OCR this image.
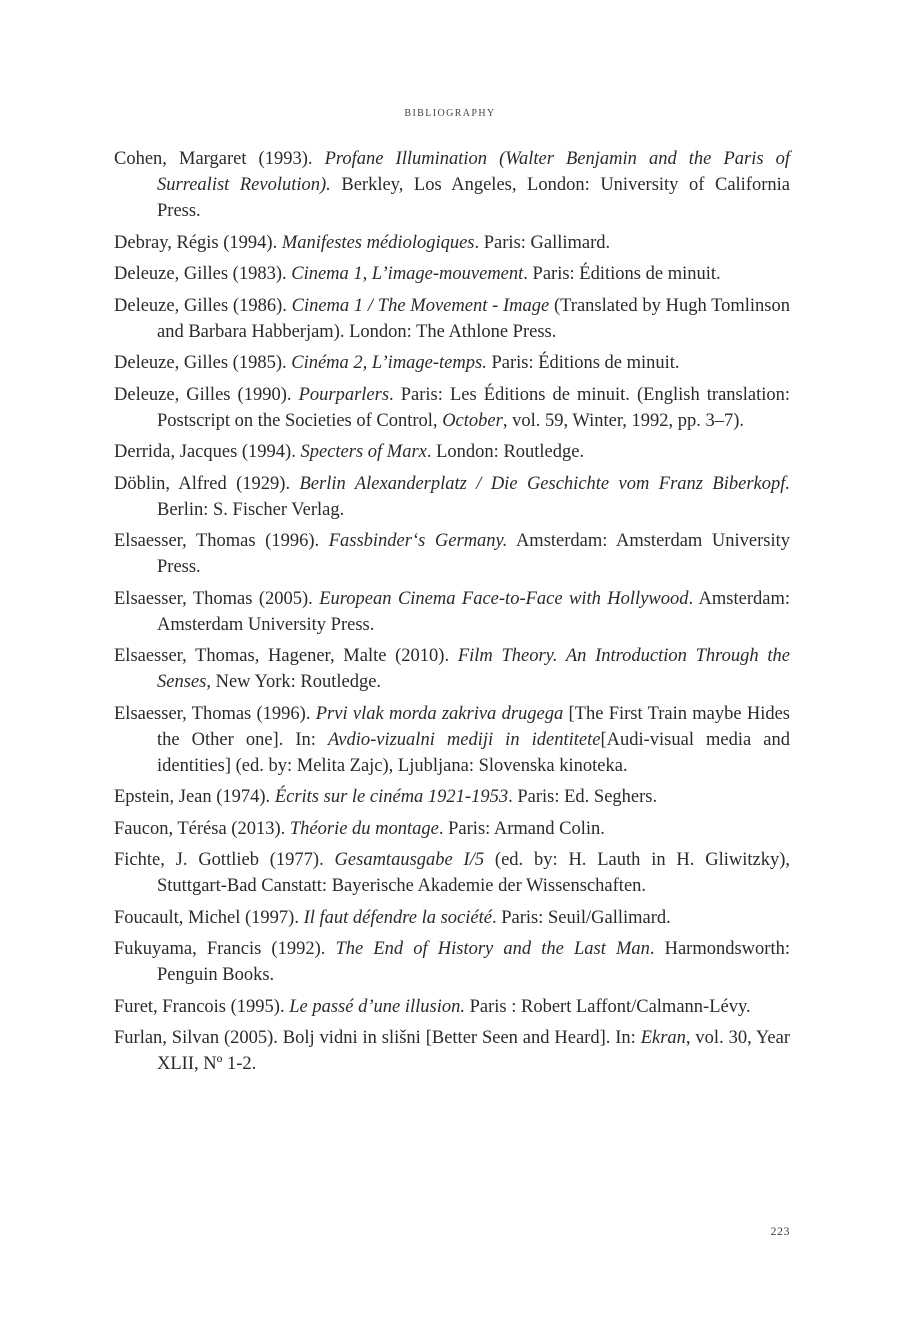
BIBLIOGRAPHY

Cohen, Margaret (1993). Profane Illumination (Walter Benjamin and the Paris of Surrealist Revolution). Berkley, Los Angeles, London: University of California Press.

Debray, Régis (1994). Manifestes médiologiques. Paris: Gallimard.

Deleuze, Gilles (1983). Cinema 1, L’image-mouvement. Paris: Éditions de minuit.

Deleuze, Gilles (1986). Cinema 1 / The Movement - Image (Translated by Hugh Tomlinson and Barbara Habberjam). London: The Athlone Press.

Deleuze, Gilles (1985). Cinéma 2, L’image-temps. Paris: Éditions de minuit.

Deleuze, Gilles (1990). Pourparlers. Paris: Les Éditions de minuit. (English translation: Postscript on the Societies of Control, October, vol. 59, Winter, 1992, pp. 3–7).

Derrida, Jacques (1994). Specters of Marx. London: Routledge.

Döblin, Alfred (1929). Berlin Alexanderplatz / Die Geschichte vom Franz Biberkopf. Berlin: S. Fischer Verlag.

Elsaesser, Thomas (1996). Fassbinder‘s Germany. Amsterdam: Amsterdam University Press.

Elsaesser, Thomas (2005). European Cinema Face-to-Face with Hollywood. Amsterdam: Amsterdam University Press.

Elsaesser, Thomas, Hagener, Malte (2010). Film Theory. An Introduction Through the Senses, New York: Routledge.

Elsaesser, Thomas (1996). Prvi vlak morda zakriva drugega [The First Train maybe Hides the Other one]. In: Avdio-vizualni mediji in identitete[Audi-visual media and identities] (ed. by: Melita Zajc), Ljubljana: Slovenska kinoteka.

Epstein, Jean (1974). Écrits sur le cinéma 1921-1953. Paris: Ed. Seghers.

Faucon, Térésa (2013). Théorie du montage. Paris: Armand Colin.

Fichte, J. Gottlieb (1977). Gesamtausgabe I/5 (ed. by: H. Lauth in H. Gliwitzky), Stuttgart-Bad Canstatt: Bayerische Akademie der Wissenschaften.

Foucault, Michel (1997). Il faut défendre la société. Paris: Seuil/Gallimard.

Fukuyama, Francis (1992). The End of History and the Last Man. Harmondsworth: Penguin Books.

Furet, Francois (1995). Le passé d’une illusion. Paris : Robert Laffont/Calmann-Lévy.

Furlan, Silvan (2005). Bolj vidni in slišni [Better Seen and Heard]. In: Ekran, vol. 30, Year XLII, Nº 1-2.

223
